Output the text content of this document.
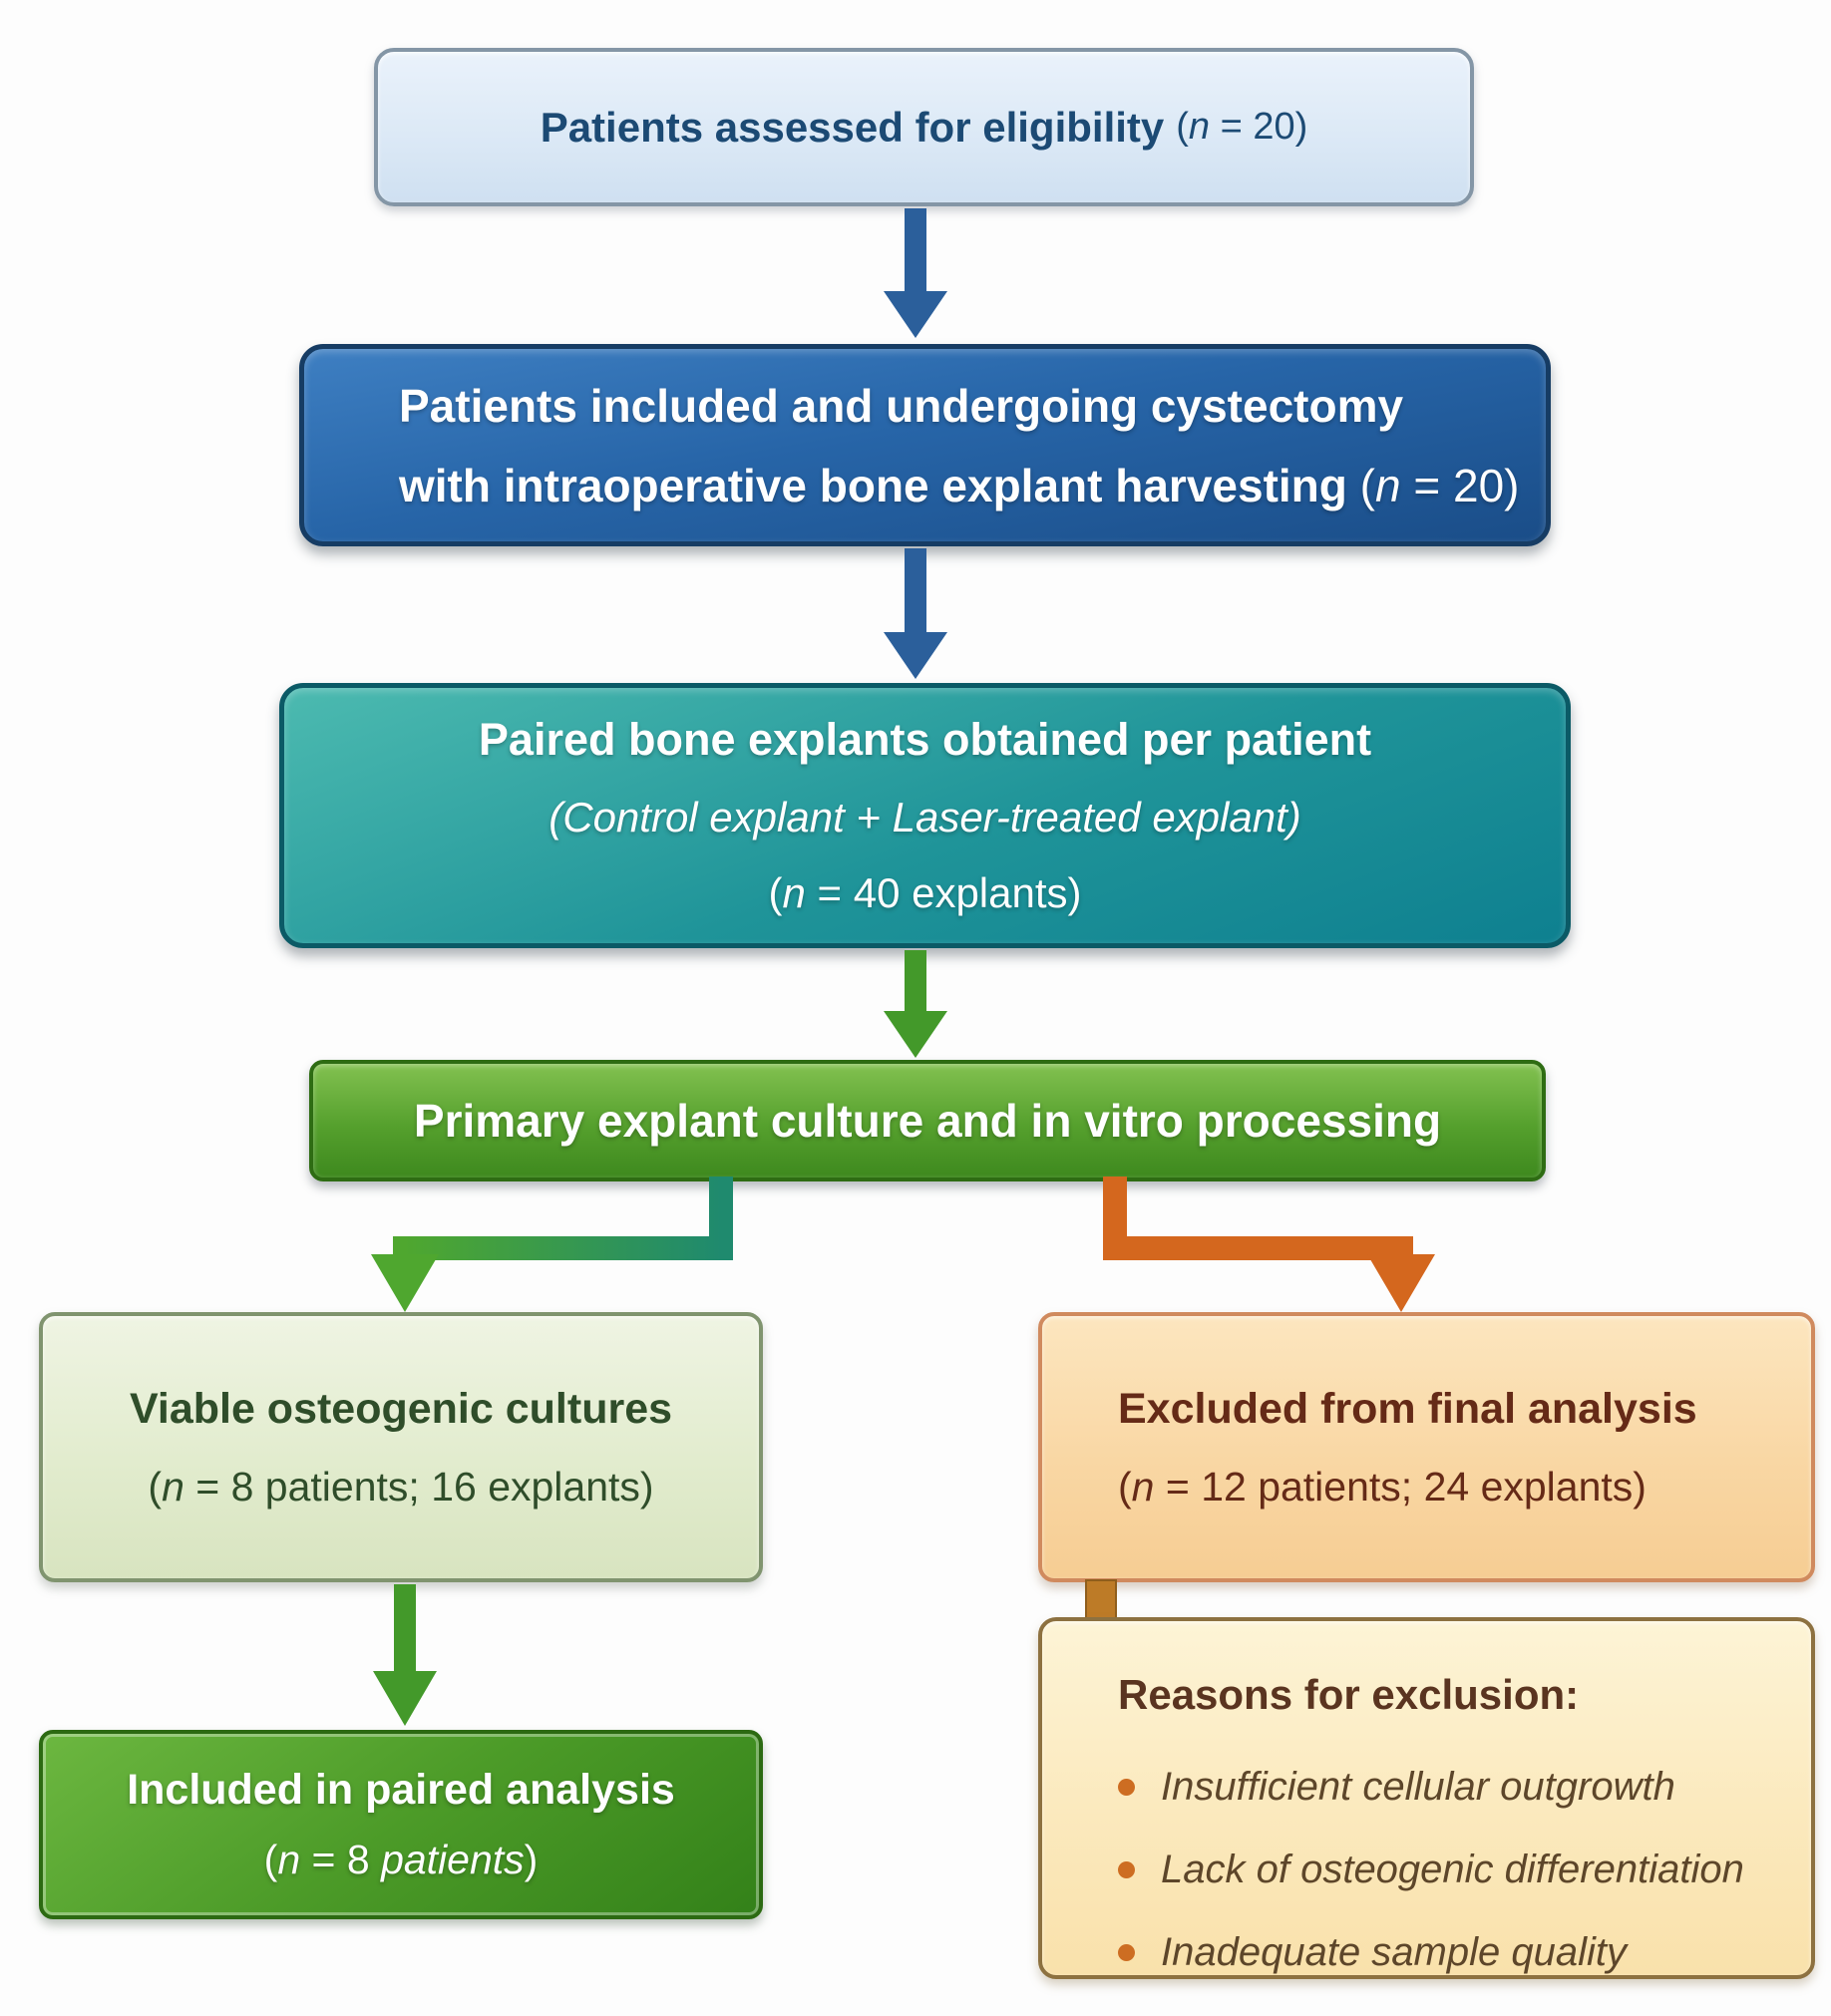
Patients assessed for eligibility (n = 20)
Patients included and undergoing cystectomy
with intraoperative bone explant harvesting (n = 20)
Paired bone explants obtained per patient
(Control explant + Laser-treated explant)
(n = 40 explants)
Primary explant culture and in vitro processing
Viable osteogenic cultures
(n = 8 patients; 16 explants)
Included in paired analysis
(n = 8 patients)
Excluded from final analysis
(n = 12 patients; 24 explants)
Reasons for exclusion:
Insufficient cellular outgrowth
Lack of osteogenic differentiation
Inadequate sample quality
